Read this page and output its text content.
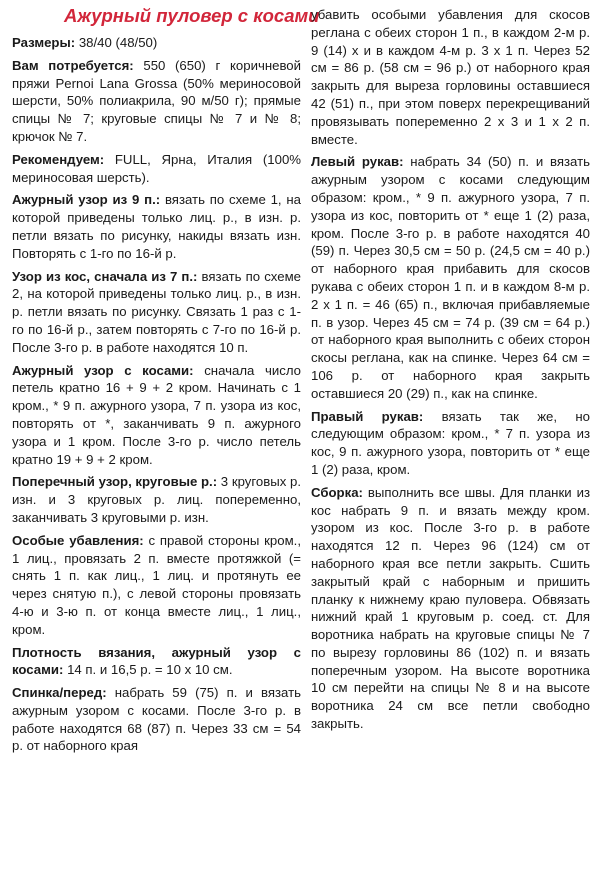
Ажурный пуловер с косами

Размеры: 38/40 (48/50)

Вам потребуется: 550 (650) г коричневой пряжи Pernoi Lana Grossa (50% мериносовой шерсти, 50% полиакрила, 90 м/50 г); прямые спицы № 7; круговые спицы № 7 и № 8; крючок № 7.

Рекомендуем: FULL, Ярна, Италия (100% мериносовая шерсть).

Ажурный узор из 9 п.: вязать по схеме 1, на которой приведены только лиц. р., в изн. р. петли вязать по рисунку, накиды вязать изн. Повторять с 1-го по 16-й р.

Узор из кос, сначала из 7 п.: вязать по схеме 2, на которой приведены только лиц. р., в изн. р. петли вязать по рисунку. Связать 1 раз с 1-го по 16-й р., затем повторять с 7-го по 16-й р. После 3-го р. в работе находятся 10 п.

Ажурный узор с косами: сначала число петель кратно 16 + 9 + 2 кром. Начинать с 1 кром., * 9 п. ажурного узора, 7 п. узора из кос, повторять от *, заканчивать 9 п. ажурного узора и 1 кром. После 3-го р. число петель кратно 19 + 9 + 2 кром.

Поперечный узор, круговые р.: 3 круговых р. изн. и 3 круговых р. лиц. попеременно, заканчивать 3 круговыми р. изн.

Особые убавления: с правой стороны кром., 1 лиц., провязать 2 п. вместе протяжкой (= снять 1 п. как лиц., 1 лиц. и протянуть ее через снятую п.), с левой стороны провязать 4-ю и 3-ю п. от конца вместе лиц., 1 лиц., кром.

Плотность вязания, ажурный узор с косами: 14 п. и 16,5 р. = 10 х 10 см.

Спинка/перед: набрать 59 (75) п. и вязать ажурным узором с косами. После 3-го р. в работе находятся 68 (87) п. Через 33 см = 54 р. от наборного края

убавить особыми убавления для скосов реглана с обеих сторон 1 п., в каждом 2-м р. 9 (14) х и в каждом 4-м р. 3 х 1 п. Через 52 см = 86 р. (58 см = 96 р.) от наборного края закрыть для выреза горловины оставшиеся 42 (51) п., при этом поверх перекрещиваний провязывать попеременно 2 х 3 и 1 х 2 п. вместе.

Левый рукав: набрать 34 (50) п. и вязать ажурным узором с косами следующим образом: кром., * 9 п. ажурного узора, 7 п. узора из кос, повторить от * еще 1 (2) раза, кром. После 3-го р. в работе находятся 40 (59) п. Через 30,5 см = 50 р. (24,5 см = 40 р.) от наборного края прибавить для скосов рукава с обеих сторон 1 п. и в каждом 8-м р. 2 х 1 п. = 46 (65) п., включая прибавляемые п. в узор. Через 45 см = 74 р. (39 см = 64 р.) от наборного края выполнить с обеих сторон скосы реглана, как на спинке. Через 64 см = 106 р. от наборного края закрыть оставшиеся 20 (29) п., как на спинке.

Правый рукав: вязать так же, но следующим образом: кром., * 7 п. узора из кос, 9 п. ажурного узора, повторить от * еще 1 (2) раза, кром.

Сборка: выполнить все швы. Для планки из кос набрать 9 п. и вязать между кром. узором из кос. После 3-го р. в работе находятся 12 п. Через 96 (124) см от наборного края все петли закрыть. Сшить закрытый край с наборным и пришить планку к нижнему краю пуловера. Обвязать нижний край 1 круговым р. соед. ст. Для воротника набрать на круговые спицы № 7 по вырезу горловины 86 (102) п. и вязать поперечным узором. На высоте воротника 10 см перейти на спицы № 8 и на высоте воротника 24 см все петли свободно закрыть.
